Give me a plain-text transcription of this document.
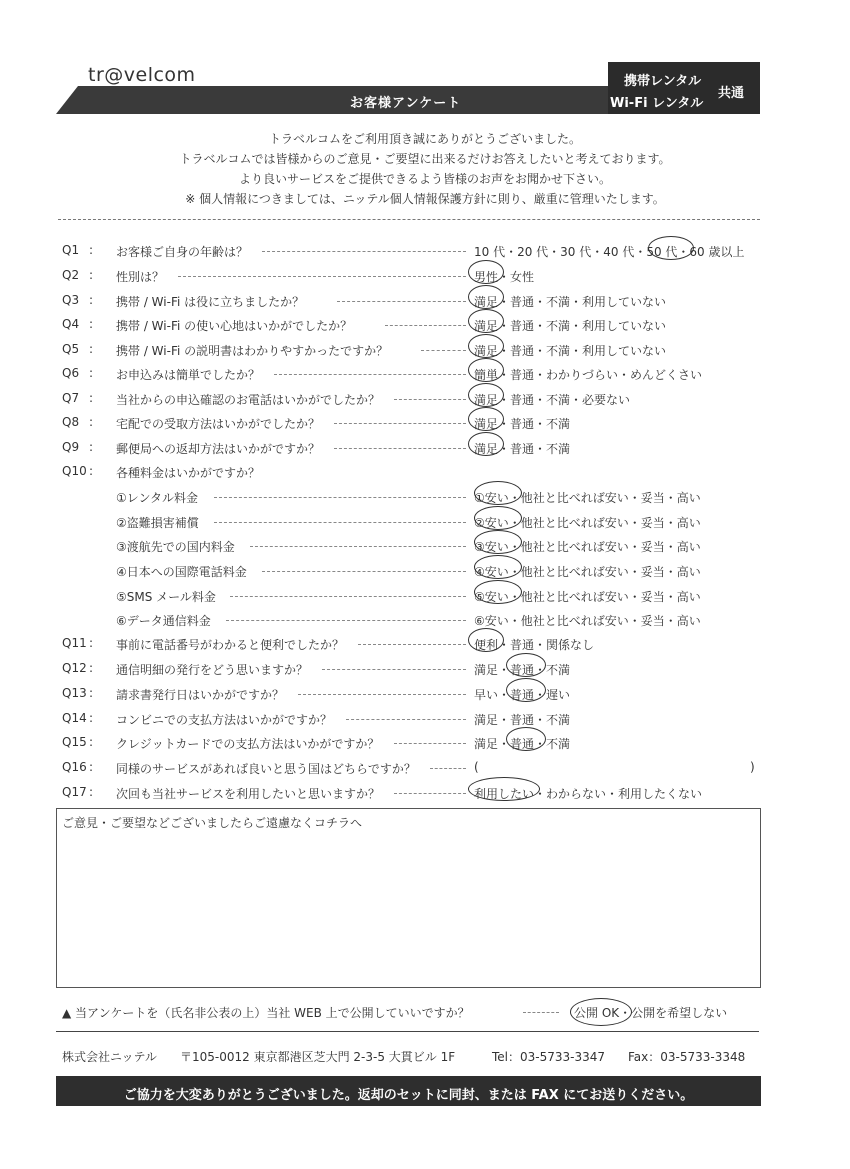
tr@velcom
お客様アンケート
携帯レンタル
Wi-Fi レンタル
共通
トラベルコムをご利用頂き誠にありがとうございました。
トラベルコムでは皆様からのご意見・ご要望に出来るだけお答えしたいと考えております。
より良いサービスをご提供できるよう皆様のお声をお聞かせ下さい。
※ 個人情報につきましては、ニッテル個人情報保護方針に則り、厳重に管理いたします。
ご意見・ご要望などございましたらご遠慮なくコチラへ
▲ 当アンケートを（氏名非公表の上）当社 WEB 上で公開していいですか？	公開 OK・公開を希望しない
株式会社ニッテル 〒105-0012 東京都港区芝大門 2-3-5 大貫ビル 1F	Tel：03-5733-3347 Fax：03-5733-3348
ご協力を大変ありがとうございました。返却のセットに同封、または FAX にてお送りください。
Q1 : お客様ご自身の年齢は？	10 代・20 代・30 代・40 代・50 代・60 歳以上
Q2 : 性別は？	男性・女性
Q3 : 携帯 / Wi-Fi は役に立ちましたか？	満足・普通・不満・利用していない
Q4 : 携帯 / Wi-Fi の使い心地はいかがでしたか？	満足・普通・不満・利用していない
Q5 : 携帯 / Wi-Fi の説明書はわかりやすかったですか？	満足・普通・不満・利用していない
Q6 : お申込みは簡単でしたか？	簡単・普通・わかりづらい・めんどくさい
Q7 : 当社からの申込確認のお電話はいかがでしたか？	満足・普通・不満・必要ない
Q8 : 宅配での受取方法はいかがでしたか？	満足・普通・不満
Q9 : 郵便局への返却方法はいかがですか？	満足・普通・不満
Q10 : 各種料金はいかがですか？
①レンタル料金	①安い・他社と比べれば安い・妥当・高い
②盗難損害補償	②安い・他社と比べれば安い・妥当・高い
③渡航先での国内料金	③安い・他社と比べれば安い・妥当・高い
④日本への国際電話料金	④安い・他社と比べれば安い・妥当・高い
⑤SMS メール料金	⑤安い・他社と比べれば安い・妥当・高い
⑥データ通信料金	⑥安い・他社と比べれば安い・妥当・高い
Q11 : 事前に電話番号がわかると便利でしたか？	便利・普通・関係なし
Q12 : 通信明細の発行をどう思いますか？	満足・普通・不満
Q13 : 請求書発行日はいかがですか？	早い・普通・遅い
Q14 : コンビニでの支払方法はいかがですか？	満足・普通・不満
Q15 : クレジットカードでの支払方法はいかがですか？	満足・普通・不満
Q16 : 同様のサービスがあれば良いと思う国はどちらですか？	(	)
Q17 : 次回も当社サービスを利用したいと思いますか？	利用したい・わからない・利用したくない
